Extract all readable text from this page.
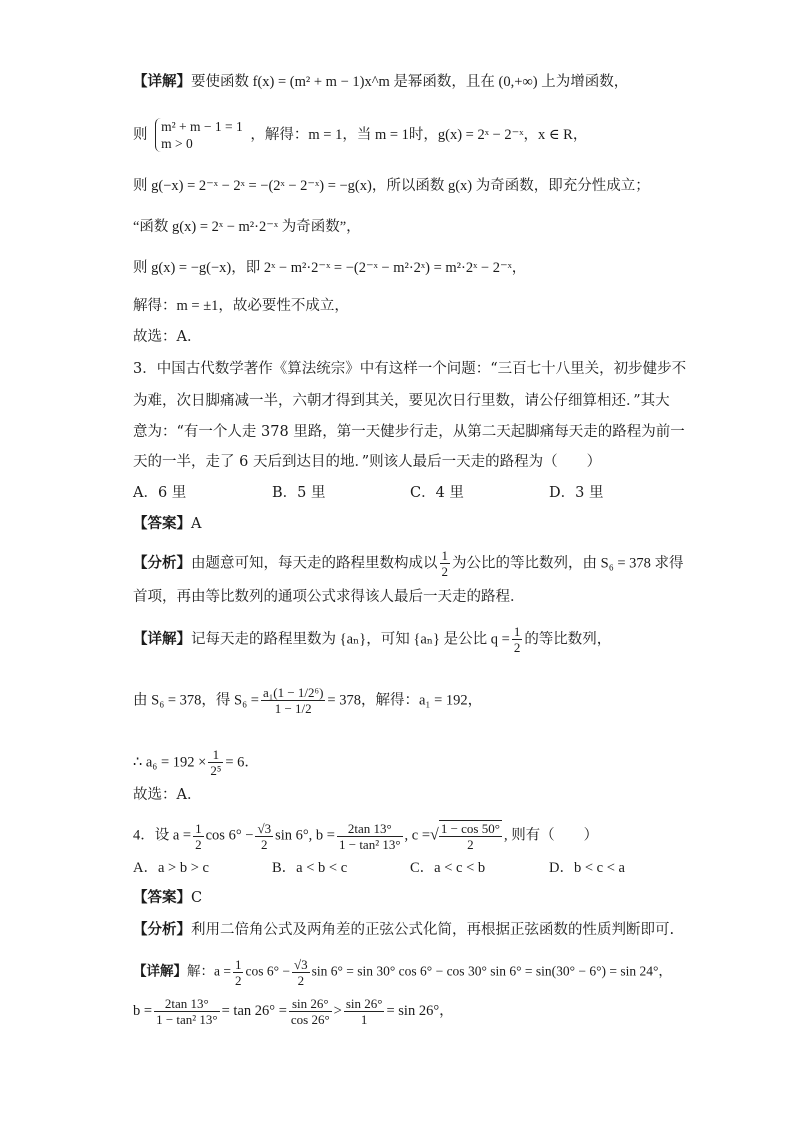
【详解】要使函数 f(x) = (m² + m − 1)x^m 是幂函数，且在 (0,+∞) 上为增函数，
则
m² + m − 1 = 1
m > 0
，解得：m = 1，当 m = 1时，g(x) = 2ˣ − 2⁻ˣ，x ∈ R，
则 g(−x) = 2⁻ˣ − 2ˣ = −(2ˣ − 2⁻ˣ) = −g(x)，所以函数 g(x) 为奇函数，即充分性成立；
“函数 g(x) = 2ˣ − m²·2⁻ˣ 为奇函数”，
则 g(x) = −g(−x)，即 2ˣ − m²·2⁻ˣ = −(2⁻ˣ − m²·2ˣ) = m²·2ˣ − 2⁻ˣ，
解得：m = ±1，故必要性不成立，
故选：A．
3．中国古代数学著作《算法统宗》中有这样一个问题：“三百七十八里关，初步健步不
为难，次日脚痛减一半，六朝才得到其关，要见次日行里数，请公仔细算相还．”其大
意为：“有一个人走 378 里路，第一天健步行走，从第二天起脚痛每天走的路程为前一
天的一半，走了 6 天后到达目的地．”则该人最后一天走的路程为（　　）
A．6 里	B．5 里	C．4 里	D．3 里
【答案】A
【分析】由题意可知，每天走的路程里数构成以 $\frac{1}{2}$ 为公比的等比数列，由 S₆ = 378 求得
首项，再由等比数列的通项公式求得该人最后一天走的路程．
【详解】记每天走的路程里数为 {aₙ}，可知 {aₙ} 是公比 $q = \frac{1}{2}$ 的等比数列，
由 S₆ = 378，得 $S_6 = \frac{\text{a₁(1 − 1/2⁶)}}{1 - 1/2} = 378$，解得：a₁ = 192，
∴ $a_6 = 192 \times \frac{1}{\text{2⁵}} = 6$．
故选：A．
4．设 $a = \frac{1}{2}$ $\cos 6^\circ - \frac{√3}{2}$ sin 6°, $b = \frac{2\tan 13^\circ}{\text{1 − tan² 13°}}$ , c =√ $\frac{1 - \cos 50^\circ}{2}$ , 则有（　　）
A．a > b > c	B．a < b < c	C．a < c < b	D．b < c < a
【答案】C
【分析】利用二倍角公式及两角差的正弦公式化简，再根据正弦函数的性质判断即可.
【详解】解：$a = \frac{1}{2}$ $\cos 6^\circ - \frac{√3}{2}$ sin 6° = sin 30° cos 6° − cos 30° sin 6° = sin(30° − 6°) = sin 24°，
$b = \frac{2\tan 13^\circ}{\text{1 − tan² 13°}} = \tan 26^\circ = \frac{\sin 26^\circ}{\cos 26^\circ} > \frac{\sin 26^\circ}{1} = \sin 26^\circ$，
